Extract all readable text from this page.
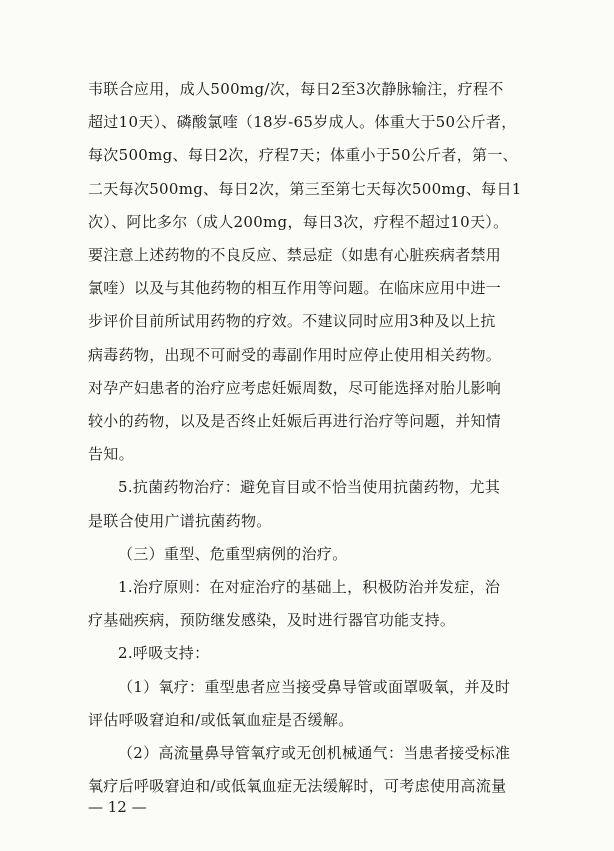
韦联合应用，成人500mg/次，每日2至3次静脉输注，疗程不
超过10天）、磷酸氯喹（18岁-65岁成人。体重大于50公斤者，
每次500mg、每日2次，疗程7天；体重小于50公斤者，第一、
二天每次500mg、每日2次，第三至第七天每次500mg、每日1
次）、阿比多尔（成人200mg，每日3次，疗程不超过10天）。
要注意上述药物的不良反应、禁忌症（如患有心脏疾病者禁用
氯喹）以及与其他药物的相互作用等问题。在临床应用中进一
步评价目前所试用药物的疗效。不建议同时应用3种及以上抗
病毒药物，出现不可耐受的毒副作用时应停止使用相关药物。
对孕产妇患者的治疗应考虑妊娠周数，尽可能选择对胎儿影响
较小的药物，以及是否终止妊娠后再进行治疗等问题，并知情
告知。
5.抗菌药物治疗：避免盲目或不恰当使用抗菌药物，尤其
是联合使用广谱抗菌药物。
（三）重型、危重型病例的治疗。
1.治疗原则：在对症治疗的基础上，积极防治并发症，治
疗基础疾病，预防继发感染，及时进行器官功能支持。
2.呼吸支持：
（1）氧疗：重型患者应当接受鼻导管或面罩吸氧，并及时
评估呼吸窘迫和/或低氧血症是否缓解。
（2）高流量鼻导管氧疗或无创机械通气：当患者接受标准
氧疗后呼吸窘迫和/或低氧血症无法缓解时，可考虑使用高流量
— 12 —
